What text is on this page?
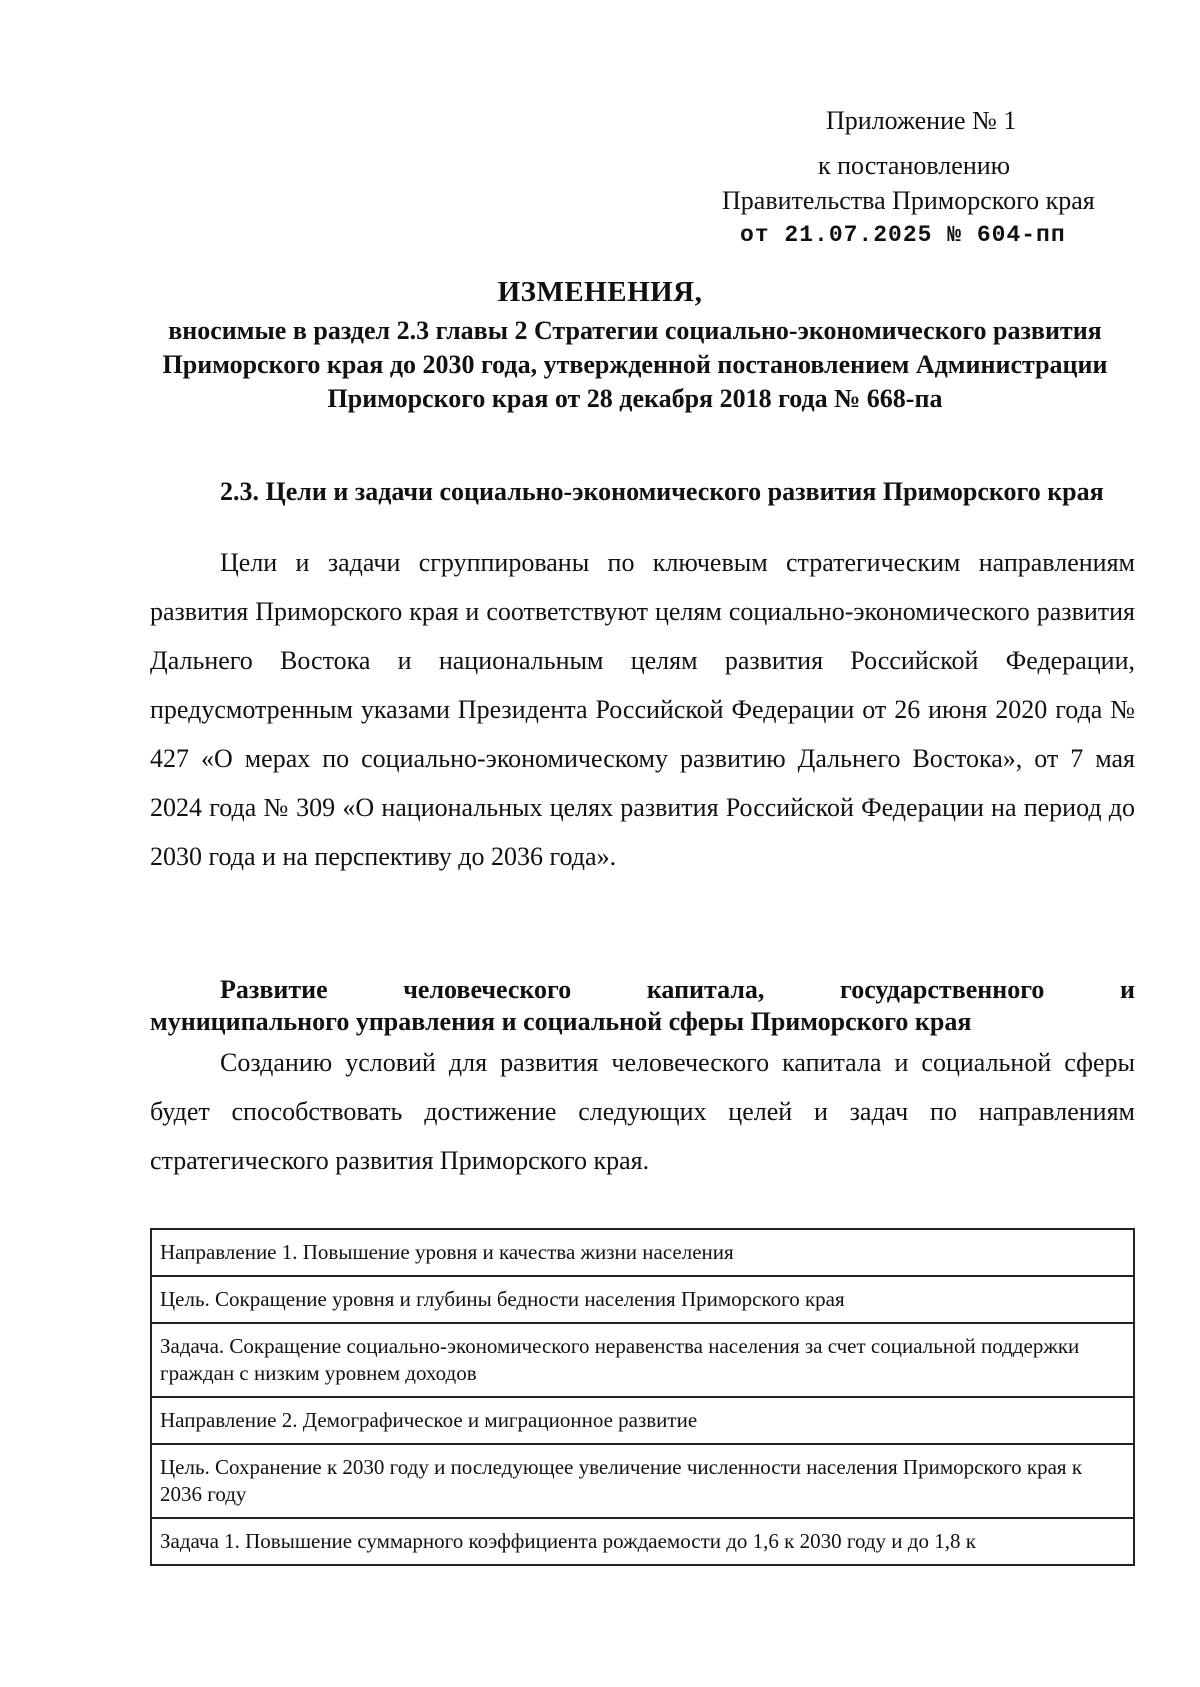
Приложение № 1
к постановлению
Правительства Приморского края
от 21.07.2025 № 604-пп
ИЗМЕНЕНИЯ,
вносимые в раздел 2.3 главы 2 Стратегии социально-экономического развития Приморского края до 2030 года, утвержденной постановлением Администрации Приморского края от 28 декабря 2018 года № 668-па
2.3. Цели и задачи социально-экономического развития Приморского края
Цели и задачи сгруппированы по ключевым стратегическим направлениям развития Приморского края и соответствуют целям социально-экономического развития Дальнего Востока и национальным целям развития Российской Федерации, предусмотренным указами Президента Российской Федерации от 26 июня 2020 года № 427 «О мерах по социально-экономическому развитию Дальнего Востока», от 7 мая 2024 года № 309 «О национальных целях развития Российской Федерации на период до 2030 года и на перспективу до 2036 года».
Развитие человеческого капитала, государственного и
муниципального управления и социальной сферы Приморского края
Созданию условий для развития человеческого капитала и социальной сферы будет способствовать достижение следующих целей и задач по направлениям стратегического развития Приморского края.
Направление 1. Повышение уровня и качества жизни населения
Цель. Сокращение уровня и глубины бедности населения Приморского края
Задача. Сокращение социально-экономического неравенства населения за счет социальной поддержки граждан с низким уровнем доходов
Направление 2. Демографическое и миграционное развитие
Цель. Сохранение к 2030 году и последующее увеличение численности населения Приморского края к 2036 году
Задача 1. Повышение суммарного коэффициента рождаемости до 1,6 к 2030 году и до 1,8 к
